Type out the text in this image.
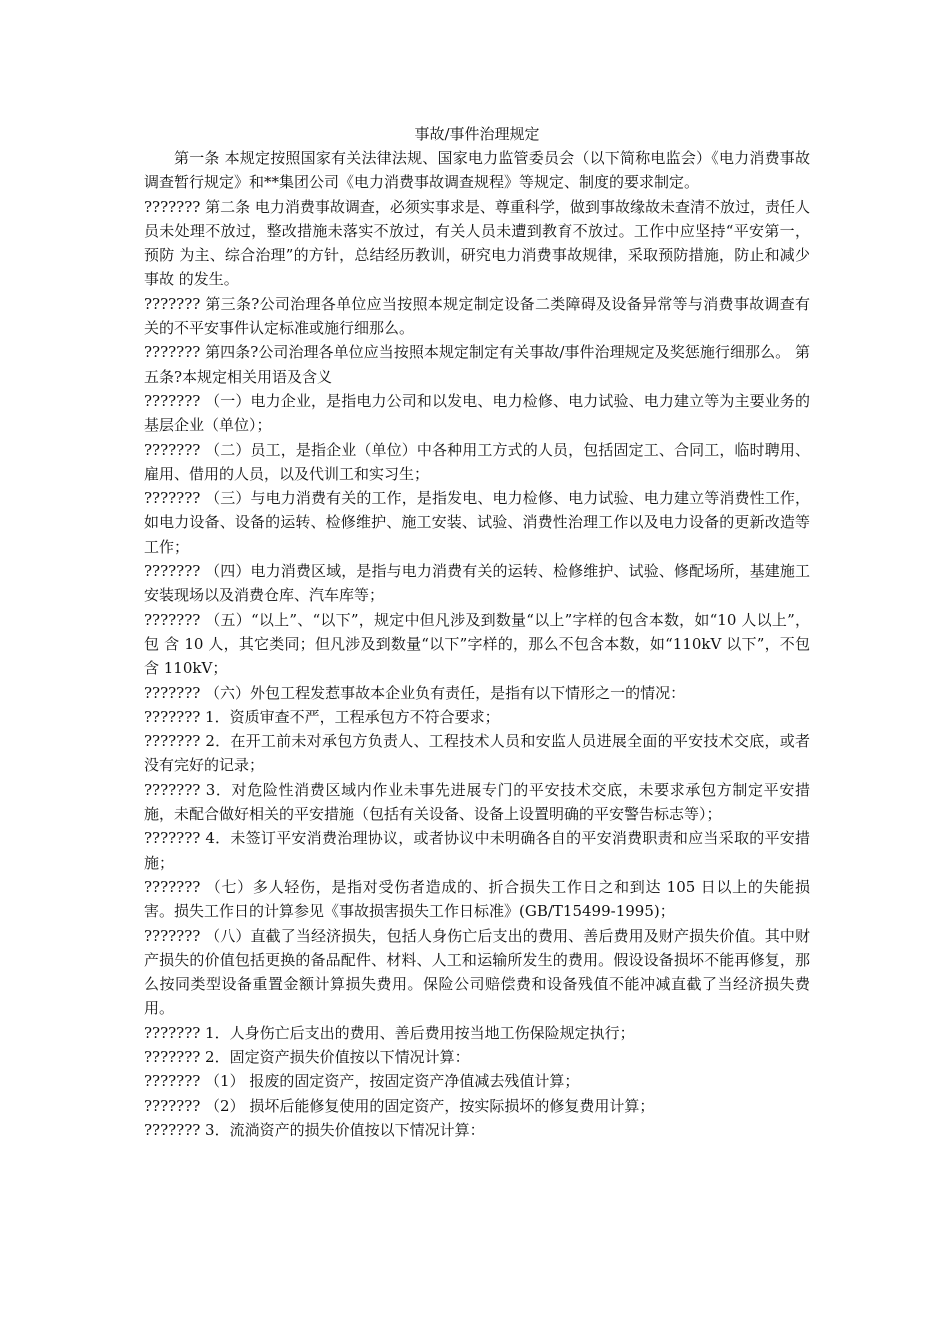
事故/事件治理规定

第一条 本规定按照国家有关法律法规、国家电力监管委员会（以下简称电监会）《电力消费事故调查暂行规定》和**集团公司《电力消费事故调查规程》等规定、制度的要求制定。

??????? 第二条 电力消费事故调查，必须实事求是、尊重科学，做到事故缘故未查清不放过，责任人员未处理不放过，整改措施未落实不放过，有关人员未遭到教育不放过。工作中应坚持“平安第一，预防 为主、综合治理”的方针，总结经历教训，研究电力消费事故规律，采取预防措施，防止和减少事故 的发生。

??????? 第三条?公司治理各单位应当按照本规定制定设备二类障碍及设备异常等与消费事故调查有关的不平安事件认定标准或施行细那么。

??????? 第四条?公司治理各单位应当按照本规定制定有关事故/事件治理规定及奖惩施行细那么。 第五条?本规定相关用语及含义

??????? （一）电力企业，是指电力公司和以发电、电力检修、电力试验、电力建立等为主要业务的基层企业（单位）；

??????? （二）员工，是指企业（单位）中各种用工方式的人员，包括固定工、合同工，临时聘用、雇用、借用的人员，以及代训工和实习生；

??????? （三）与电力消费有关的工作，是指发电、电力检修、电力试验、电力建立等消费性工作，如电力设备、设备的运转、检修维护、施工安装、试验、消费性治理工作以及电力设备的更新改造等工作；

??????? （四）电力消费区域，是指与电力消费有关的运转、检修维护、试验、修配场所，基建施工安装现场以及消费仓库、汽车库等；

??????? （五）“以上”、“以下”，规定中但凡涉及到数量“以上”字样的包含本数，如“10 人以上”，包 含 10 人，其它类同；但凡涉及到数量“以下”字样的，那么不包含本数，如“110kV 以下”，不包含 110kV；

??????? （六）外包工程发惹事故本企业负有责任，是指有以下情形之一的情况：

??????? 1．资质审查不严，工程承包方不符合要求；

??????? 2．在开工前未对承包方负责人、工程技术人员和安监人员进展全面的平安技术交底，或者没有完好的记录；

??????? 3．对危险性消费区域内作业未事先进展专门的平安技术交底，未要求承包方制定平安措施，未配合做好相关的平安措施（包括有关设备、设备上设置明确的平安警告标志等）；

??????? 4．未签订平安消费治理协议，或者协议中未明确各自的平安消费职责和应当采取的平安措施；

??????? （七）多人轻伤，是指对受伤者造成的、折合损失工作日之和到达 105 日以上的失能损害。损失工作日的计算参见《事故损害损失工作日标准》(GB/T15499-1995)；

??????? （八）直截了当经济损失，包括人身伤亡后支出的费用、善后费用及财产损失价值。其中财产损失的价值包括更换的备品配件、材料、人工和运输所发生的费用。假设设备损坏不能再修复，那么按同类型设备重置金额计算损失费用。保险公司赔偿费和设备残值不能冲减直截了当经济损失费用。

??????? 1．人身伤亡后支出的费用、善后费用按当地工伤保险规定执行；

??????? 2．固定资产损失价值按以下情况计算：

??????? （1） 报废的固定资产，按固定资产净值减去残值计算；

??????? （2） 损坏后能修复使用的固定资产，按实际损坏的修复费用计算；

??????? 3．流淌资产的损失价值按以下情况计算：
